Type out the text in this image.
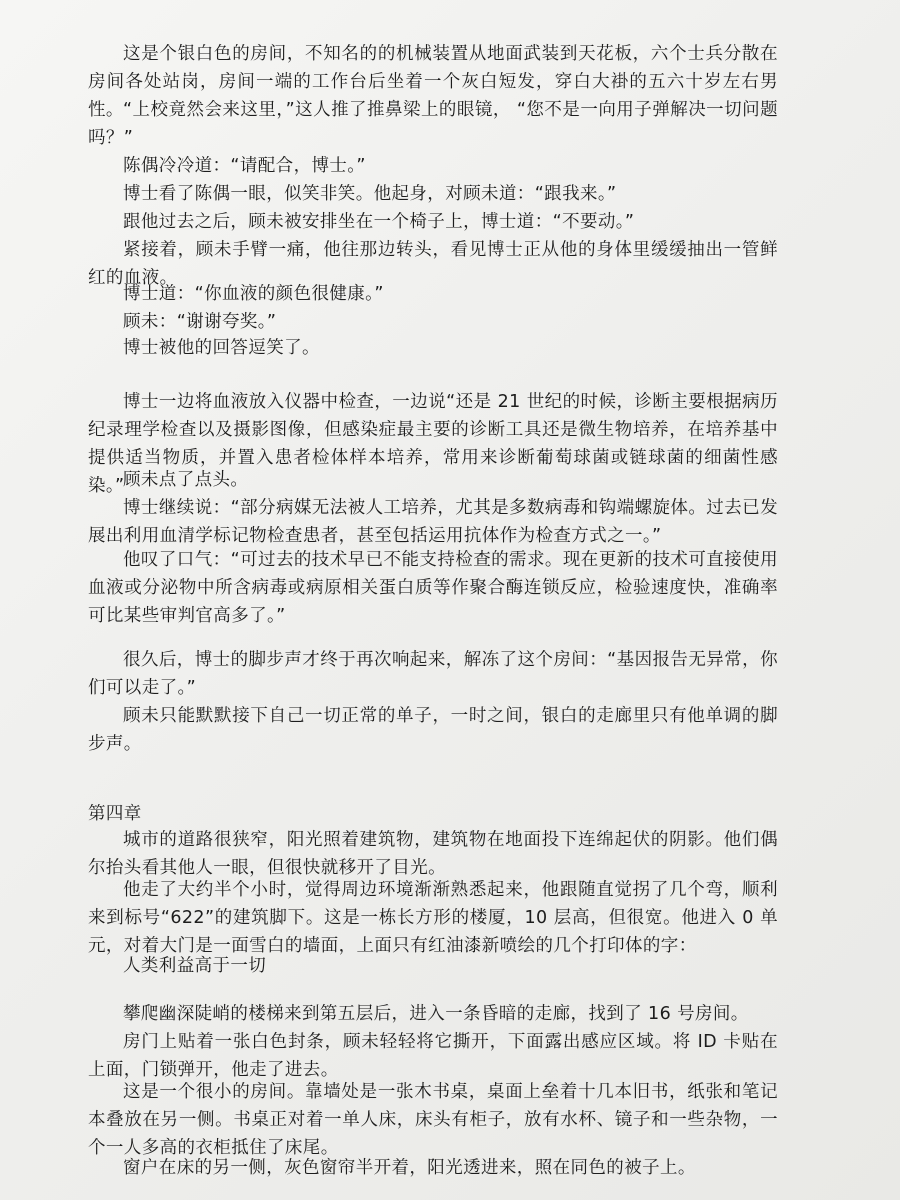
这是个银白色的房间，不知名的的机械装置从地面武装到天花板，六个士兵分散在房间各处站岗，房间一端的工作台后坐着一个灰白短发，穿白大褂的五六十岁左右男性。 “上校竟然会来这里，”这人推了推鼻梁上的眼镜， “您不是一向用子弹解决一切问题吗？”

陈偶冷冷道：“请配合，博士。”

博士看了陈偶一眼，似笑非笑。他起身，对顾未道：“跟我来。”

跟他过去之后，顾未被安排坐在一个椅子上，博士道：“不要动。”

紧接着，顾未手臂一痛，他往那边转头，看见博士正从他的身体里缓缓抽出一管鲜红的血液。

博士道：“你血液的颜色很健康。”

顾未：“谢谢夸奖。”

博士被他的回答逗笑了。

博士一边将血液放入仪器中检查，一边说“还是 21 世纪的时候，诊断主要根据病历纪录理学检查以及摄影图像，但感染症最主要的诊断工具还是微生物培养，在培养基中提供适当物质，并置入患者检体样本培养，常用来诊断葡萄球菌或链球菌的细菌性感染。”

顾未点了点头。

博士继续说：“部分病媒无法被人工培养，尤其是多数病毒和钩端螺旋体。过去已发展出利用血清学标记物检查患者，甚至包括运用抗体作为检查方式之一。”

他叹了口气：“可过去的技术早已不能支持检查的需求。现在更新的技术可直接使用血液或分泌物中所含病毒或病原相关蛋白质等作聚合酶连锁反应，检验速度快，准确率可比某些审判官高多了。”

很久后，博士的脚步声才终于再次响起来，解冻了这个房间：“基因报告无异常，你们可以走了。”

顾未只能默默接下自己一切正常的单子，一时之间，银白的走廊里只有他单调的脚步声。

第四章

城市的道路很狭窄，阳光照着建筑物，建筑物在地面投下连绵起伏的阴影。他们偶尔抬头看其他人一眼，但很快就移开了目光。

他走了大约半个小时，觉得周边环境渐渐熟悉起来，他跟随直觉拐了几个弯，顺利来到标号“622”的建筑脚下。这是一栋长方形的楼厦，10 层高，但很宽。他进入 0 单元，对着大门是一面雪白的墙面，上面只有红油漆新喷绘的几个打印体的字：

人类利益高于一切

攀爬幽深陡峭的楼梯来到第五层后，进入一条昏暗的走廊，找到了 16 号房间。

房门上贴着一张白色封条，顾未轻轻将它撕开，下面露出感应区域。将 ID 卡贴在上面，门锁弹开，他走了进去。

这是一个很小的房间。靠墙处是一张木书桌，桌面上垒着十几本旧书，纸张和笔记本叠放在另一侧。书桌正对着一单人床，床头有柜子，放有水杯、镜子和一些杂物，一个一人多高的衣柜抵住了床尾。

窗户在床的另一侧，灰色窗帘半开着，阳光透进来，照在同色的被子上。
